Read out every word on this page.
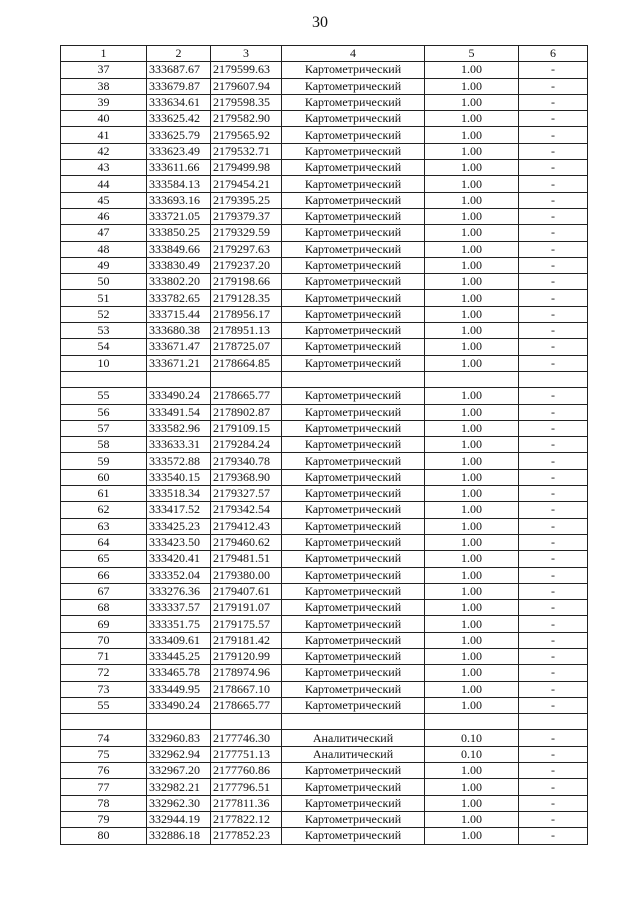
30
1	2	3	4	5	6
37	333687.67	2179599.63	Картометрический	1.00	-
38	333679.87	2179607.94	Картометрический	1.00	-
39	333634.61	2179598.35	Картометрический	1.00	-
40	333625.42	2179582.90	Картометрический	1.00	-
41	333625.79	2179565.92	Картометрический	1.00	-
42	333623.49	2179532.71	Картометрический	1.00	-
43	333611.66	2179499.98	Картометрический	1.00	-
44	333584.13	2179454.21	Картометрический	1.00	-
45	333693.16	2179395.25	Картометрический	1.00	-
46	333721.05	2179379.37	Картометрический	1.00	-
47	333850.25	2179329.59	Картометрический	1.00	-
48	333849.66	2179297.63	Картометрический	1.00	-
49	333830.49	2179237.20	Картометрический	1.00	-
50	333802.20	2179198.66	Картометрический	1.00	-
51	333782.65	2179128.35	Картометрический	1.00	-
52	333715.44	2178956.17	Картометрический	1.00	-
53	333680.38	2178951.13	Картометрический	1.00	-
54	333671.47	2178725.07	Картометрический	1.00	-
10	333671.21	2178664.85	Картометрический	1.00	-

55	333490.24	2178665.77	Картометрический	1.00	-
56	333491.54	2178902.87	Картометрический	1.00	-
57	333582.96	2179109.15	Картометрический	1.00	-
58	333633.31	2179284.24	Картометрический	1.00	-
59	333572.88	2179340.78	Картометрический	1.00	-
60	333540.15	2179368.90	Картометрический	1.00	-
61	333518.34	2179327.57	Картометрический	1.00	-
62	333417.52	2179342.54	Картометрический	1.00	-
63	333425.23	2179412.43	Картометрический	1.00	-
64	333423.50	2179460.62	Картометрический	1.00	-
65	333420.41	2179481.51	Картометрический	1.00	-
66	333352.04	2179380.00	Картометрический	1.00	-
67	333276.36	2179407.61	Картометрический	1.00	-
68	333337.57	2179191.07	Картометрический	1.00	-
69	333351.75	2179175.57	Картометрический	1.00	-
70	333409.61	2179181.42	Картометрический	1.00	-
71	333445.25	2179120.99	Картометрический	1.00	-
72	333465.78	2178974.96	Картометрический	1.00	-
73	333449.95	2178667.10	Картометрический	1.00	-
55	333490.24	2178665.77	Картометрический	1.00	-

74	332960.83	2177746.30	Аналитический	0.10	-
75	332962.94	2177751.13	Аналитический	0.10	-
76	332967.20	2177760.86	Картометрический	1.00	-
77	332982.21	2177796.51	Картометрический	1.00	-
78	332962.30	2177811.36	Картометрический	1.00	-
79	332944.19	2177822.12	Картометрический	1.00	-
80	332886.18	2177852.23	Картометрический	1.00	-
